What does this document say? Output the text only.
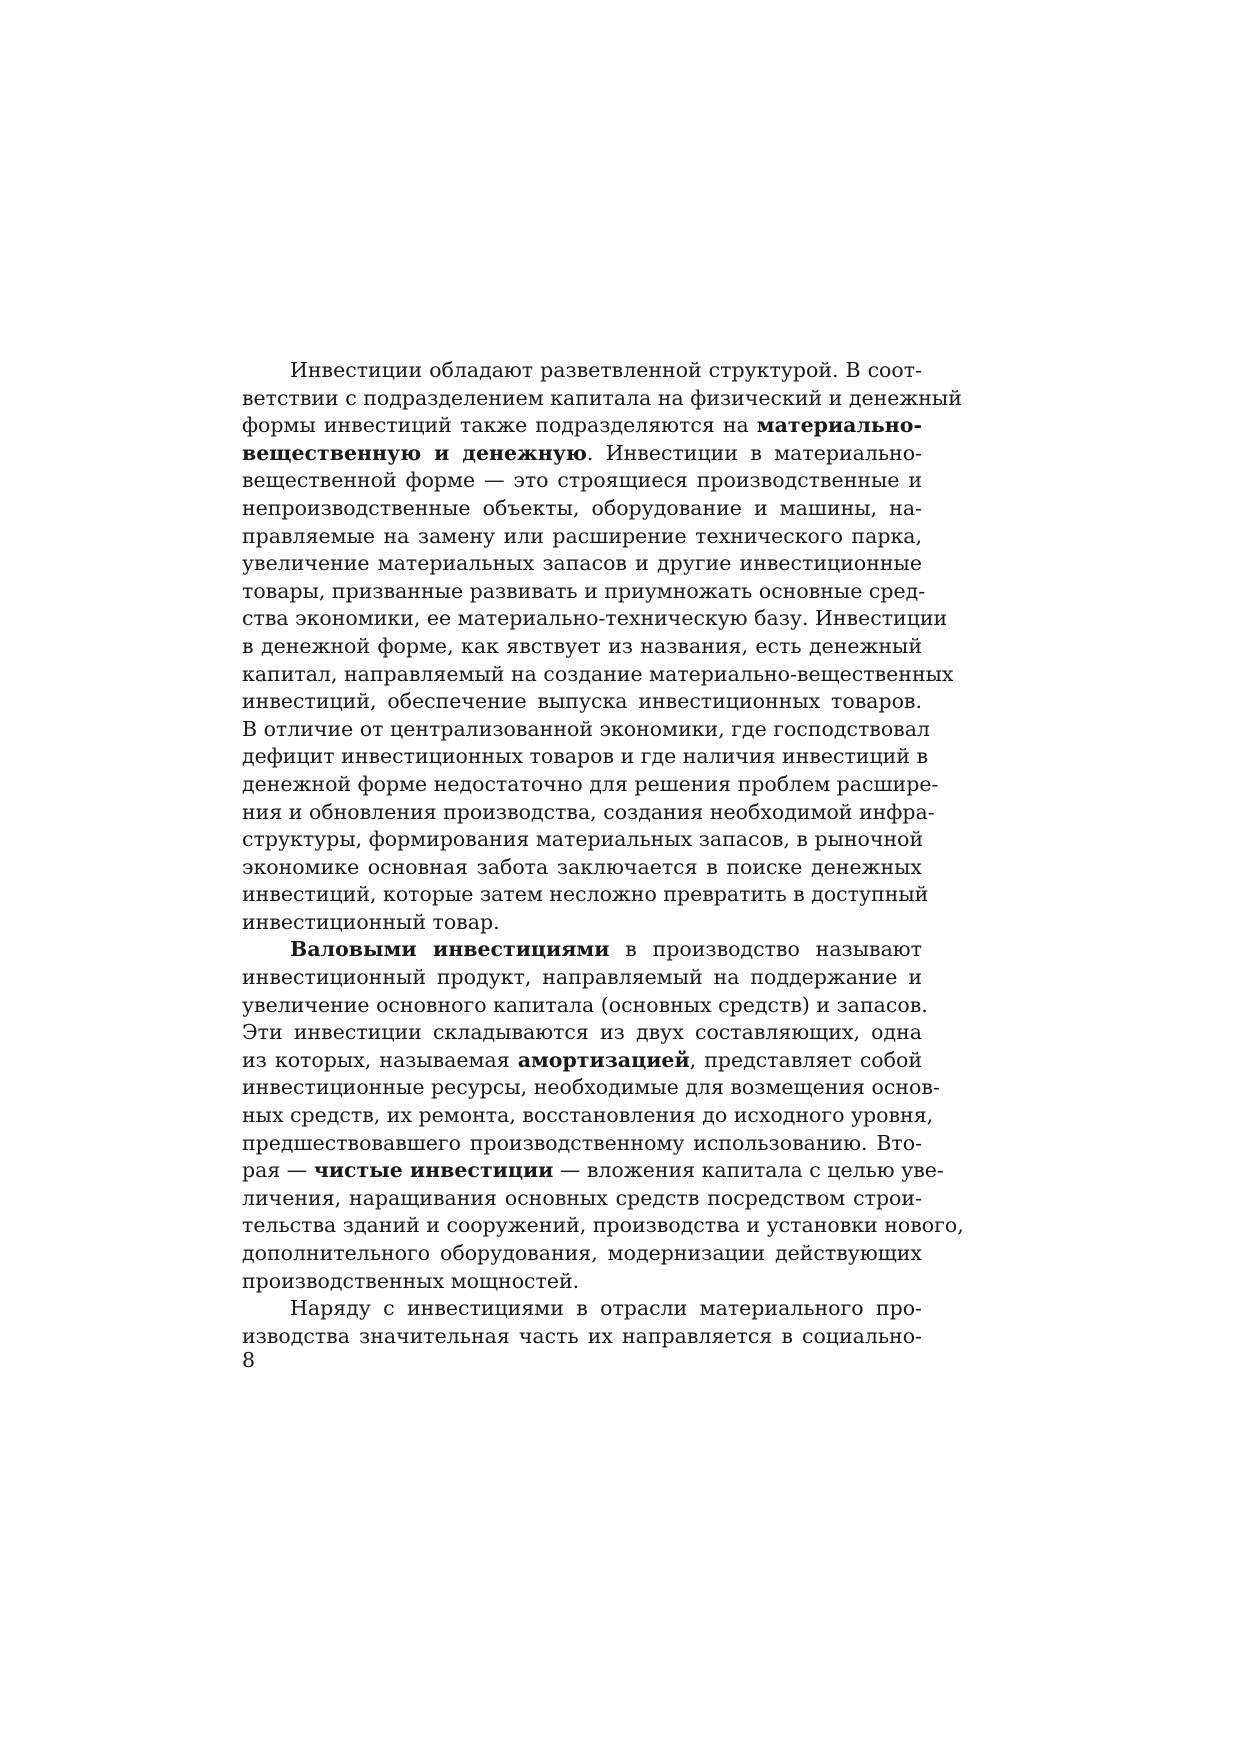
Инвестиции обладают разветвленной структурой. В соот-
ветствии с подразделением капитала на физический и денежный
формы инвестиций также подразделяются на материально-
вещественную и денежную. Инвестиции в материально-
вещественной форме — это строящиеся производственные и
непроизводственные объекты, оборудование и машины, на-
правляемые на замену или расширение технического парка,
увеличение материальных запасов и другие инвестиционные
товары, призванные развивать и приумножать основные сред-
ства экономики, ее материально-техническую базу. Инвестиции
в денежной форме, как явствует из названия, есть денежный
капитал, направляемый на создание материально-вещественных
инвестиций, обеспечение выпуска инвестиционных товаров.
В отличие от централизованной экономики, где господствовал
дефицит инвестиционных товаров и где наличия инвестиций в
денежной форме недостаточно для решения проблем расшире-
ния и обновления производства, создания необходимой инфра-
структуры, формирования материальных запасов, в рыночной
экономике основная забота заключается в поиске денежных
инвестиций, которые затем несложно превратить в доступный
инвестиционный товар.
Валовыми инвестициями в производство называют
инвестиционный продукт, направляемый на поддержание и
увеличение основного капитала (основных средств) и запасов.
Эти инвестиции складываются из двух составляющих, одна
из которых, называемая амортизацией, представляет собой
инвестиционные ресурсы, необходимые для возмещения основ-
ных средств, их ремонта, восстановления до исходного уровня,
предшествовавшего производственному использованию. Вто-
рая — чистые инвестиции — вложения капитала с целью уве-
личения, наращивания основных средств посредством строи-
тельства зданий и сооружений, производства и установки нового,
дополнительного оборудования, модернизации действующих
производственных мощностей.
Наряду с инвестициями в отрасли материального про-
изводства значительная часть их направляется в социально-
8
